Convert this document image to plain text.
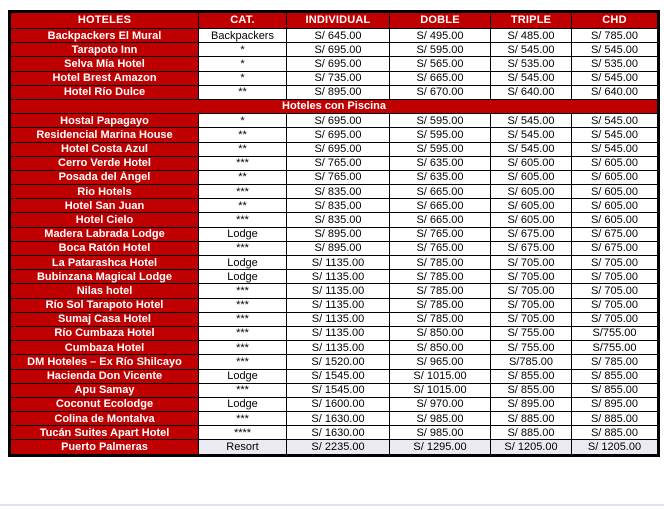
HOTELES	CAT.	INDIVIDUAL	DOBLE	TRIPLE	CHD
Backpackers El Mural	Backpackers	S/ 645.00	S/ 495.00	S/ 485.00	S/ 785.00
Tarapoto Inn	*	S/ 695.00	S/ 595.00	S/ 545.00	S/ 545.00
Selva Mía Hotel	*	S/ 695.00	S/ 565.00	S/ 535.00	S/ 535.00
Hotel Brest Amazon	*	S/ 735.00	S/ 665.00	S/ 545.00	S/ 545.00
Hotel Río Dulce	**	S/ 895.00	S/ 670.00	S/ 640.00	S/ 640.00
Hoteles con Piscina					
Hostal Papagayo	*	S/ 695.00	S/ 595.00	S/ 545.00	S/ 545.00
Residencial Marina House	**	S/ 695.00	S/ 595.00	S/ 545.00	S/ 545.00
Hotel Costa Azul	**	S/ 695.00	S/ 595.00	S/ 545.00	S/ 545.00
Cerro Verde Hotel	***	S/ 765.00	S/ 635.00	S/ 605.00	S/ 605.00
Posada del Ángel	**	S/ 765.00	S/ 635.00	S/ 605.00	S/ 605.00
Rio Hotels	***	S/ 835.00	S/ 665.00	S/ 605.00	S/ 605.00
Hotel San Juan	**	S/ 835.00	S/ 665.00	S/ 605.00	S/ 605.00
Hotel Cielo	***	S/ 835.00	S/ 665.00	S/ 605.00	S/ 605.00
Madera Labrada Lodge	Lodge	S/ 895.00	S/ 765.00	S/ 675.00	S/ 675.00
Boca Ratón Hotel	***	S/ 895.00	S/ 765.00	S/ 675.00	S/ 675.00
La Patarashca Hotel	Lodge	S/ 1135.00	S/ 785.00	S/ 705.00	S/ 705.00
Bubinzana Magical Lodge	Lodge	S/ 1135.00	S/ 785.00	S/ 705.00	S/ 705.00
Nilas hotel	***	S/ 1135.00	S/ 785.00	S/ 705.00	S/ 705.00
Río Sol Tarapoto Hotel	***	S/ 1135.00	S/ 785.00	S/ 705.00	S/ 705.00
Sumaj Casa Hotel	***	S/ 1135.00	S/ 785.00	S/ 705.00	S/ 705.00
Río Cumbaza Hotel	***	S/ 1135.00	S/ 850.00	S/ 755.00	S/755.00
Cumbaza Hotel	***	S/ 1135.00	S/ 850.00	S/ 755.00	S/755.00
DM Hoteles – Ex Río Shilcayo	***	S/ 1520.00	S/ 965.00	S/785.00	S/ 785.00
Hacienda Don Vicente	Lodge	S/ 1545.00	S/ 1015.00	S/ 855.00	S/ 855.00
Apu Samay	***	S/ 1545.00	S/ 1015.00	S/ 855.00	S/ 855.00
Coconut Ecolodge	Lodge	S/ 1600.00	S/ 970.00	S/ 895.00	S/ 895.00
Colina de Montalva	***	S/ 1630.00	S/ 985.00	S/ 885.00	S/ 885.00
Tucán Suites Apart Hotel	****	S/ 1630.00	S/ 985.00	S/ 885.00	S/ 885.00
Puerto Palmeras	Resort	S/ 2235.00	S/ 1295.00	S/ 1205.00	S/ 1205.00
